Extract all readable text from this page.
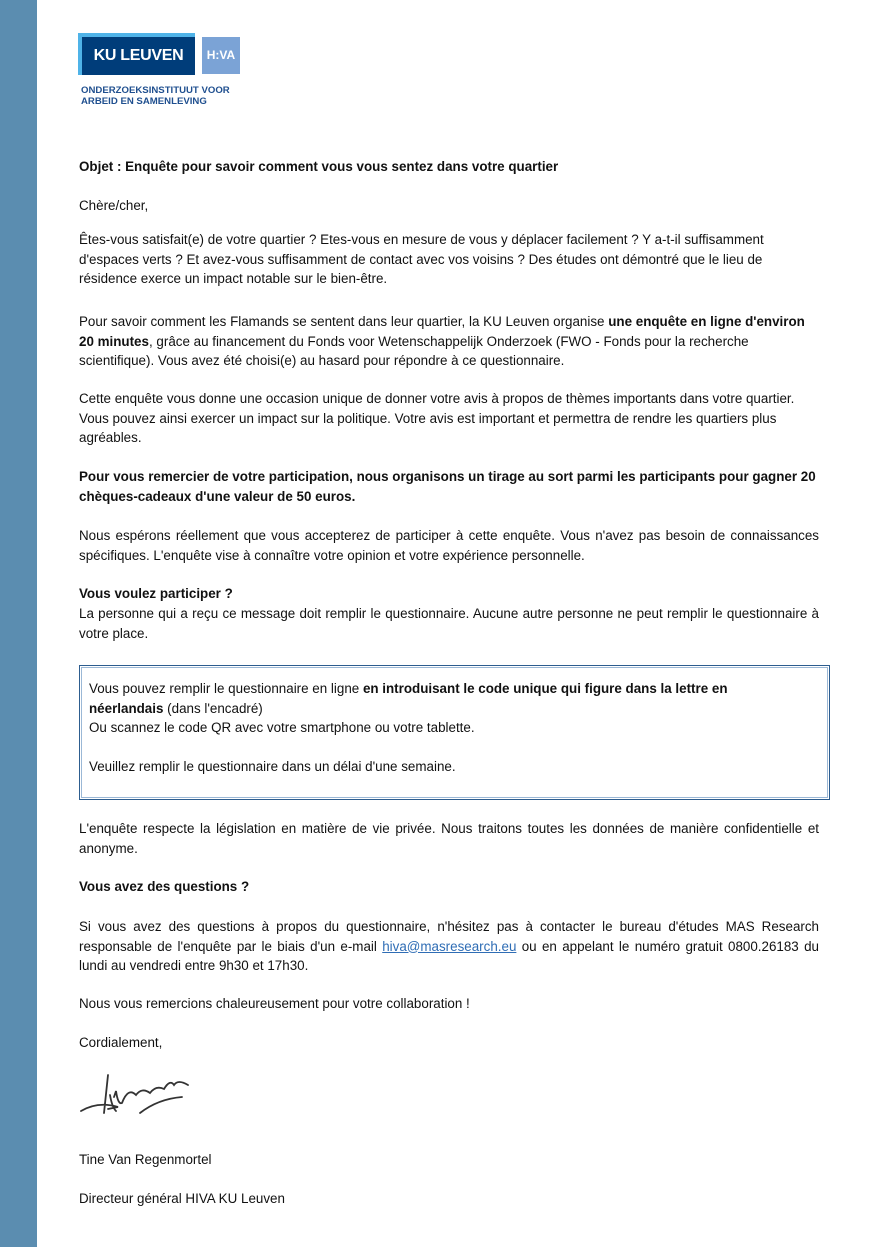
KU LEUVEN	H:VA
ONDERZOEKSINSTITUUT VOOR
ARBEID EN SAMENLEVING
Objet : Enquête pour savoir comment vous vous sentez dans votre quartier
Chère/cher,
Êtes-vous satisfait(e) de votre quartier ? Etes-vous en mesure de vous y déplacer facilement ? Y a-t-il suffisamment d'espaces verts ? Et avez-vous suffisamment de contact avec vos voisins ? Des études ont démontré que le lieu de résidence exerce un impact notable sur le bien-être.
Pour savoir comment les Flamands se sentent dans leur quartier, la KU Leuven organise une enquête en ligne d'environ 20 minutes, grâce au financement du Fonds voor Wetenschappelijk Onderzoek (FWO - Fonds pour la recherche scientifique). Vous avez été choisi(e) au hasard pour répondre à ce questionnaire.
Cette enquête vous donne une occasion unique de donner votre avis à propos de thèmes importants dans votre quartier. Vous pouvez ainsi exercer un impact sur la politique. Votre avis est important et permettra de rendre les quartiers plus agréables.
Pour vous remercier de votre participation, nous organisons un tirage au sort parmi les participants pour gagner 20 chèques-cadeaux d'une valeur de 50 euros.
Nous espérons réellement que vous accepterez de participer à cette enquête. Vous n'avez pas besoin de connaissances spécifiques. L'enquête vise à connaître votre opinion et votre expérience personnelle.
Vous voulez participer ?
La personne qui a reçu ce message doit remplir le questionnaire. Aucune autre personne ne peut remplir le questionnaire à votre place.
Vous pouvez remplir le questionnaire en ligne en introduisant le code unique qui figure dans la lettre en néerlandais (dans l'encadré)
Ou scannez le code QR avec votre smartphone ou votre tablette.
Veuillez remplir le questionnaire dans un délai d'une semaine.
L'enquête respecte la législation en matière de vie privée. Nous traitons toutes les données de manière confidentielle et anonyme.
Vous avez des questions ?
Si vous avez des questions à propos du questionnaire, n'hésitez pas à contacter le bureau d'études MAS Research responsable de l'enquête par le biais d'un e-mail hiva@masresearch.eu ou en appelant le numéro gratuit 0800.26183 du lundi au vendredi entre 9h30 et 17h30.
Nous vous remercions chaleureusement pour votre collaboration !
Cordialement,
Tine Van Regenmortel
Directeur général HIVA KU Leuven
